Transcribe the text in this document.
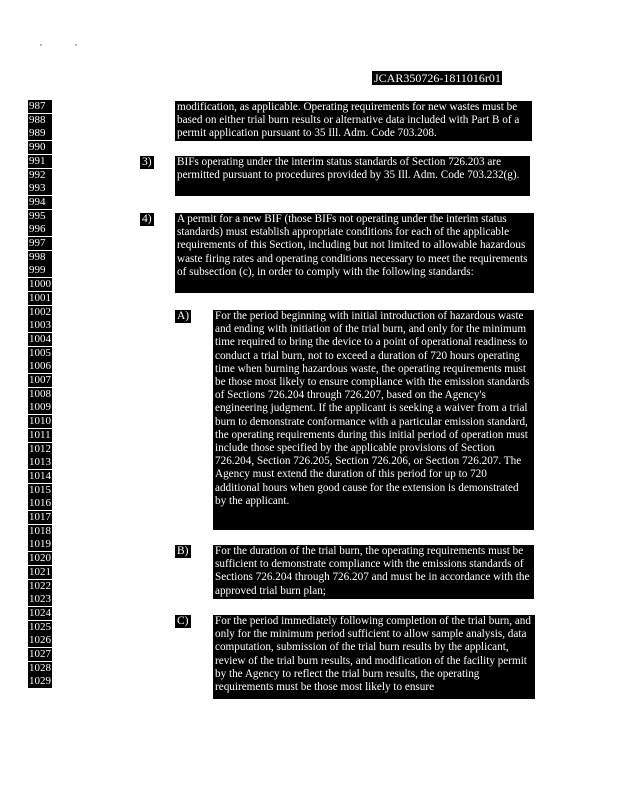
JCAR350726-1811016r01
987
988
989
990
991
992
993
994
995
996
997
998
999
1000
1001
1002
1003
1004
1005
1006
1007
1008
1009
1010
1011
1012
1013
1014
1015
1016
1017
1018
1019
1020
1021
1022
1023
1024
1025
1026
1027
1028
1029
modification, as applicable. Operating requirements for new wastes must be based on either trial burn results or alternative data included with Part B of a permit application pursuant to 35 Ill. Adm. Code 703.208.
3) BIFs operating under the interim status standards of Section 726.203 are permitted pursuant to procedures provided by 35 Ill. Adm. Code 703.232(g).
4) A permit for a new BIF (those BIFs not operating under the interim status standards) must establish appropriate conditions for each of the applicable requirements of this Section, including but not limited to allowable hazardous waste firing rates and operating conditions necessary to meet the requirements of subsection (c), in order to comply with the following standards:
A) For the period beginning with initial introduction of hazardous waste and ending with initiation of the trial burn, and only for the minimum time required to bring the device to a point of operational readiness to conduct a trial burn, not to exceed a duration of 720 hours operating time when burning hazardous waste, the operating requirements must be those most likely to ensure compliance with the emission standards of Sections 726.204 through 726.207, based on the Agency's engineering judgment. If the applicant is seeking a waiver from a trial burn to demonstrate conformance with a particular emission standard, the operating requirements during this initial period of operation must include those specified by the applicable provisions of Section 726.204, Section 726.205, Section 726.206, or Section 726.207. The Agency must extend the duration of this period for up to 720 additional hours when good cause for the extension is demonstrated by the applicant.
B) For the duration of the trial burn, the operating requirements must be sufficient to demonstrate compliance with the emissions standards of Sections 726.204 through 726.207 and must be in accordance with the approved trial burn plan;
C) For the period immediately following completion of the trial burn, and only for the minimum period sufficient to allow sample analysis, data computation, submission of the trial burn results by the applicant, review of the trial burn results, and modification of the facility permit by the Agency to reflect the trial burn results, the operating requirements must be those most likely to ensure
